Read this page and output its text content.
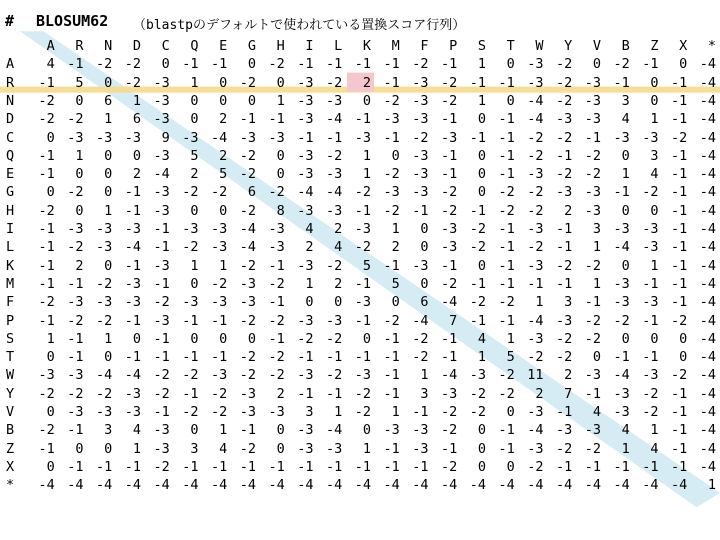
# BLOSUM62 （blastpのデフォルトで使われている置換スコア行列）
A	R	N	D	C	Q	E	G	H	I	L	K	M	F	P	S	T	W	Y	V	B	Z	X	*
A	4 -1 -2 -2	0 -1 -1	0 -2 -1 -1 -1 -1 -2 -1	1	0 -3 -2	0 -2 -1	0 -4
R	-1	5	0 -2 -3	1	0 -2	0 -3 -2	2 -1 -3 -2 -1 -1 -3 -2 -3 -1	0 -1 -4
N	-2	0	6	1 -3	0	0	0	1 -3 -3	0 -2 -3 -2	1	0 -4 -2 -3	3	0 -1 -4
D	-2 -2	1	6 -3	0	2 -1 -1 -3 -4 -1 -3 -3 -1	0 -1 -4 -3 -3	4	1 -1 -4
C	0 -3 -3 -3	9 -3 -4 -3 -3 -1 -1 -3 -1 -2 -3 -1 -1 -2 -2 -1 -3 -3 -2 -4
Q	-1	1	0	0 -3	5	2 -2	0 -3 -2	1	0 -3 -1	0 -1 -2 -1 -2	0	3 -1 -4
E	-1	0	0	2 -4	2	5 -2	0 -3 -3	1 -2 -3 -1	0 -1 -3 -2 -2	1	4 -1 -4
G	0 -2	0 -1 -3 -2 -2	6 -2 -4 -4 -2 -3 -3 -2	0 -2 -2 -3 -3 -1 -2 -1 -4
H	-2	0	1 -1 -3	0	0 -2	8 -3 -3 -1 -2 -1 -2 -1 -2 -2	2 -3	0	0 -1 -4
I	-1 -3 -3 -3 -1 -3 -3 -4 -3	4	2 -3	1	0 -3 -2 -1 -3 -1	3 -3 -3 -1 -4
L	-1 -2 -3 -4 -1 -2 -3 -4 -3	2	4 -2	2	0 -3 -2 -1 -2 -1	1 -4 -3 -1 -4
K	-1	2	0 -1 -3	1	1 -2 -1 -3 -2	5 -1 -3 -1	0 -1 -3 -2 -2	0	1 -1 -4
M	-1 -1 -2 -3 -1	0 -2 -3 -2	1	2 -1	5	0 -2 -1 -1 -1 -1	1 -3 -1 -1 -4
F	-2 -3 -3 -3 -2 -3 -3 -3 -1	0	0 -3	0	6 -4 -2 -2	1	3 -1 -3 -3 -1 -4
P	-1 -2 -2 -1 -3 -1 -1 -2 -2 -3 -3 -1 -2 -4	7 -1 -1 -4 -3 -2 -2 -1 -2 -4
S	1 -1	1	0 -1	0	0	0 -1 -2 -2	0 -1 -2 -1	4	1 -3 -2 -2	0	0	0 -4
T	0 -1	0 -1 -1 -1 -1 -2 -2 -1 -1 -1 -1 -2 -1	1	5 -2 -2	0 -1 -1	0 -4
W	-3 -3 -4 -4 -2 -2 -3 -2 -2 -3 -2 -3 -1	1 -4 -3 -2 11	2 -3 -4 -3 -2 -4
Y	-2 -2 -2 -3 -2 -1 -2 -3	2 -1 -1 -2 -1	3 -3 -2 -2	2	7 -1 -3 -2 -1 -4
V	0 -3 -3 -3 -1 -2 -2 -3 -3	3	1 -2	1 -1 -2 -2	0 -3 -1	4 -3 -2 -1 -4
B	-2 -1	3	4 -3	0	1 -1	0 -3 -4	0 -3 -3 -2	0 -1 -4 -3 -3	4	1 -1 -4
Z	-1	0	0	1 -3	3	4 -2	0 -3 -3	1 -1 -3 -1	0 -1 -3 -2 -2	1	4 -1 -4
X	0 -1 -1 -1 -2 -1 -1 -1 -1 -1 -1 -1 -1 -1 -2	0	0 -2 -1 -1 -1 -1 -1 -4
*	-4 -4 -4 -4 -4 -4 -4 -4 -4 -4 -4 -4 -4 -4 -4 -4 -4 -4 -4 -4 -4 -4 -4	1
